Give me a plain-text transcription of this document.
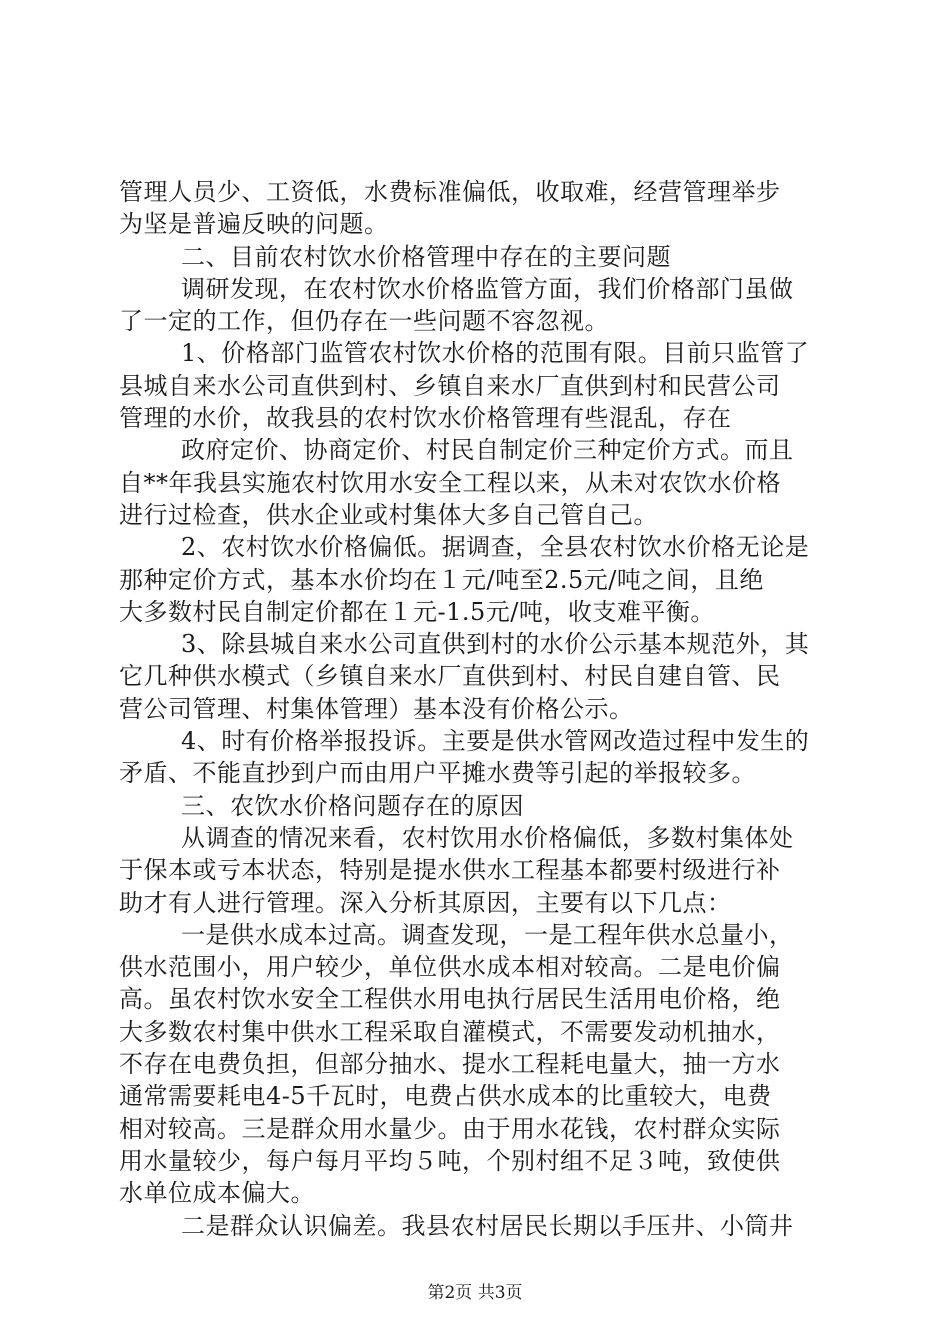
管理人员少、工资低，水费标准偏低，收取难，经营管理举步
为坚是普遍反映的问题。
二、目前农村饮水价格管理中存在的主要问题
调研发现，在农村饮水价格监管方面，我们价格部门虽做
了一定的工作，但仍存在一些问题不容忽视。
1、价格部门监管农村饮水价格的范围有限。目前只监管了
县城自来水公司直供到村、乡镇自来水厂直供到村和民营公司
管理的水价，故我县的农村饮水价格管理有些混乱，存在
政府定价、协商定价、村民自制定价三种定价方式。而且
自**年我县实施农村饮用水安全工程以来，从未对农饮水价格
进行过检查，供水企业或村集体大多自己管自己。
2、农村饮水价格偏低。据调查，全县农村饮水价格无论是
那种定价方式，基本水价均在１元/吨至2.5元/吨之间，且绝
大多数村民自制定价都在１元-1.5元/吨，收支难平衡。
3、除县城自来水公司直供到村的水价公示基本规范外，其
它几种供水模式（乡镇自来水厂直供到村、村民自建自管、民
营公司管理、村集体管理）基本没有价格公示。
4、时有价格举报投诉。主要是供水管网改造过程中发生的
矛盾、不能直抄到户而由用户平摊水费等引起的举报较多。
三、农饮水价格问题存在的原因
从调查的情况来看，农村饮用水价格偏低，多数村集体处
于保本或亏本状态，特别是提水供水工程基本都要村级进行补
助才有人进行管理。深入分析其原因，主要有以下几点：
一是供水成本过高。调查发现，一是工程年供水总量小，
供水范围小，用户较少，单位供水成本相对较高。二是电价偏
高。虽农村饮水安全工程供水用电执行居民生活用电价格，绝
大多数农村集中供水工程采取自灌模式，不需要发动机抽水，
不存在电费负担，但部分抽水、提水工程耗电量大，抽一方水
通常需要耗电4-5千瓦时，电费占供水成本的比重较大，电费
相对较高。三是群众用水量少。由于用水花钱，农村群众实际
用水量较少，每户每月平均５吨，个别村组不足３吨，致使供
水单位成本偏大。
二是群众认识偏差。我县农村居民长期以手压井、小筒井
第2页 共3页
